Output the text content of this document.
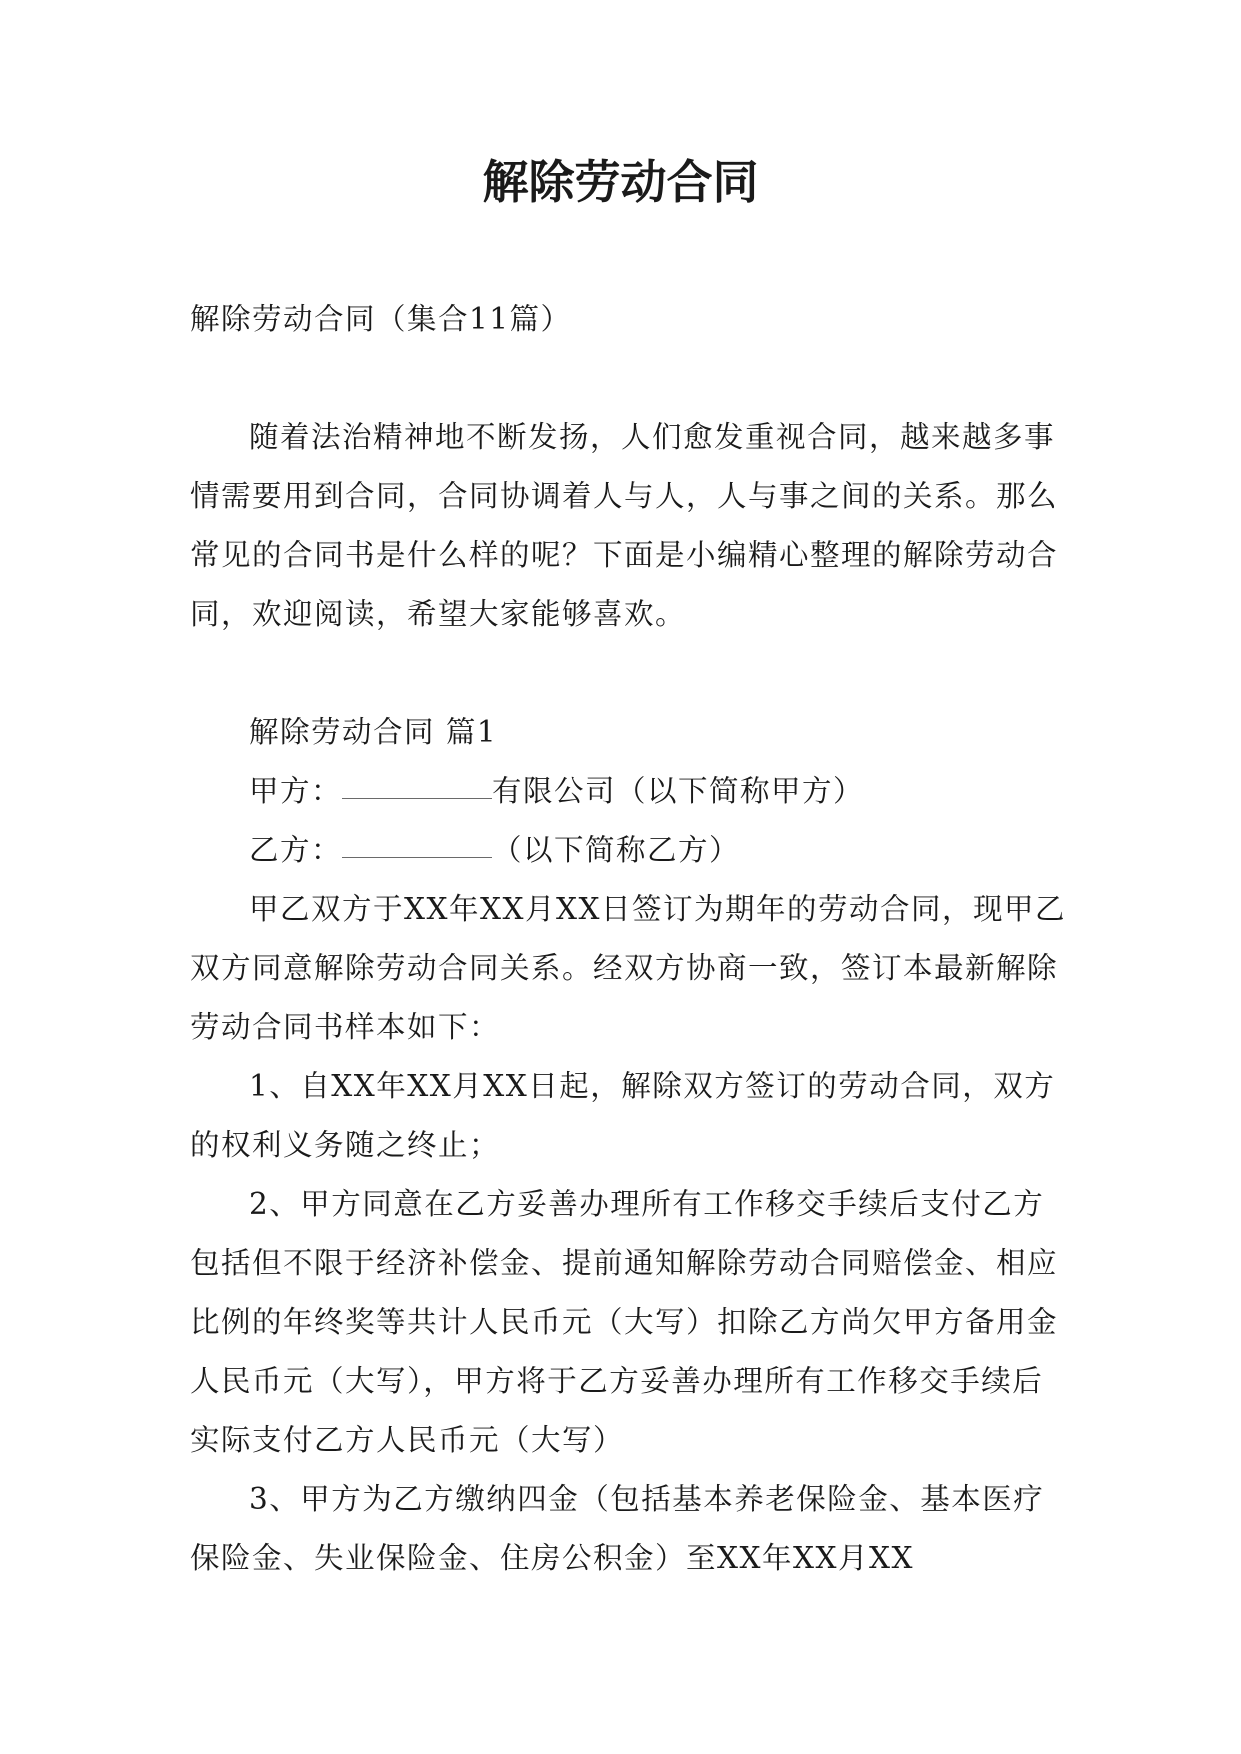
解除劳动合同

解除劳动合同（集合11篇）

随着法治精神地不断发扬，人们愈发重视合同，越来越多事情需要用到合同，合同协调着人与人，人与事之间的关系。那么常见的合同书是什么样的呢？下面是小编精心整理的解除劳动合同，欢迎阅读，希望大家能够喜欢。

解除劳动合同 篇1

甲方：	有限公司（以下简称甲方）

乙方：	（以下简称乙方）

甲乙双方于XX年XX月XX日签订为期年的劳动合同，现甲乙双方同意解除劳动合同关系。经双方协商一致，签订本最新解除劳动合同书样本如下：

1、自XX年XX月XX日起，解除双方签订的劳动合同，双方的权利义务随之终止；

2、甲方同意在乙方妥善办理所有工作移交手续后支付乙方包括但不限于经济补偿金、提前通知解除劳动合同赔偿金、相应比例的年终奖等共计人民币元（大写）扣除乙方尚欠甲方备用金人民币元（大写），甲方将于乙方妥善办理所有工作移交手续后实际支付乙方人民币元（大写）

3、甲方为乙方缴纳四金（包括基本养老保险金、基本医疗保险金、失业保险金、住房公积金）至XX年XX月XX
